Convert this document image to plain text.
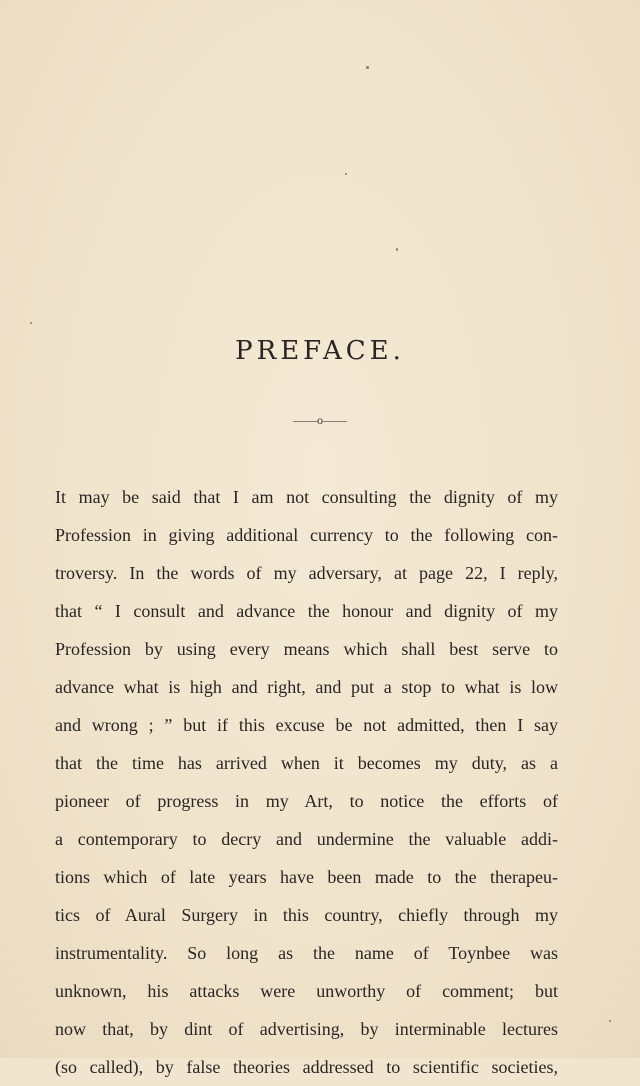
PREFACE.
——o——
It may be said that I am not consulting the dignity of my
Profession in giving additional currency to the following con-
troversy. In the words of my adversary, at page 22, I reply,
that “ I consult and advance the honour and dignity of my
Profession by using every means which shall best serve to
advance what is high and right, and put a stop to what is low
and wrong ; ” but if this excuse be not admitted, then I say
that the time has arrived when it becomes my duty, as a
pioneer of progress in my Art, to notice the efforts of
a contemporary to decry and undermine the valuable addi-
tions which of late years have been made to the therapeu-
tics of Aural Surgery in this country, chiefly through my
instrumentality. So long as the name of Toynbee was
unknown, his attacks were unworthy of comment; but
now that, by dint of advertising, by interminable lectures
(so called), by false theories addressed to scientific societies,
